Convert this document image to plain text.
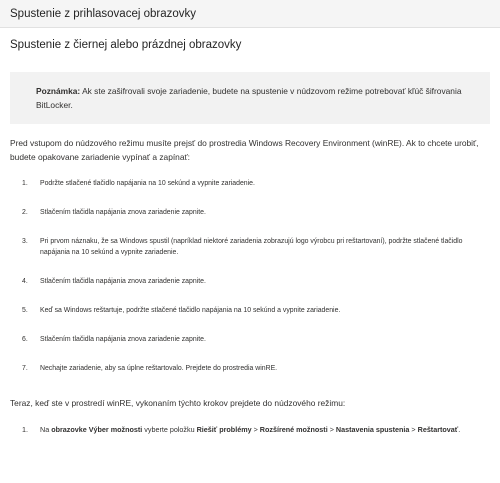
Spustenie z prihlasovacej obrazovky
Spustenie z čiernej alebo prázdnej obrazovky
Poznámka: Ak ste zašifrovali svoje zariadenie, budete na spustenie v núdzovom režime potrebovať kľúč šifrovania BitLocker.

Pred vstupom do núdzového režimu musíte prejsť do prostredia Windows Recovery Environment (winRE). Ak to chcete urobiť, budete opakovane zariadenie vypínať a zapínať:

1. Podržte stlačené tlačidlo napájania na 10 sekúnd a vypnite zariadenie.
2. Stlačením tlačidla napájania znova zariadenie zapnite.
3. Pri prvom náznaku, že sa Windows spustil (napríklad niektoré zariadenia zobrazujú logo výrobcu pri reštartovaní), podržte stlačené tlačidlo napájania na 10 sekúnd a vypnite zariadenie.
4. Stlačením tlačidla napájania znova zariadenie zapnite.
5. Keď sa Windows reštartuje, podržte stlačené tlačidlo napájania na 10 sekúnd a vypnite zariadenie.
6. Stlačením tlačidla napájania znova zariadenie zapnite.
7. Nechajte zariadenie, aby sa úplne reštartovalo. Prejdete do prostredia winRE.

Teraz, keď ste v prostredí winRE, vykonaním týchto krokov prejdete do núdzového režimu:

1. Na obrazovke Výber možnosti vyberte položku Riešiť problémy > Rozšírené možnosti > Nastavenia spustenia > Reštartovať.
